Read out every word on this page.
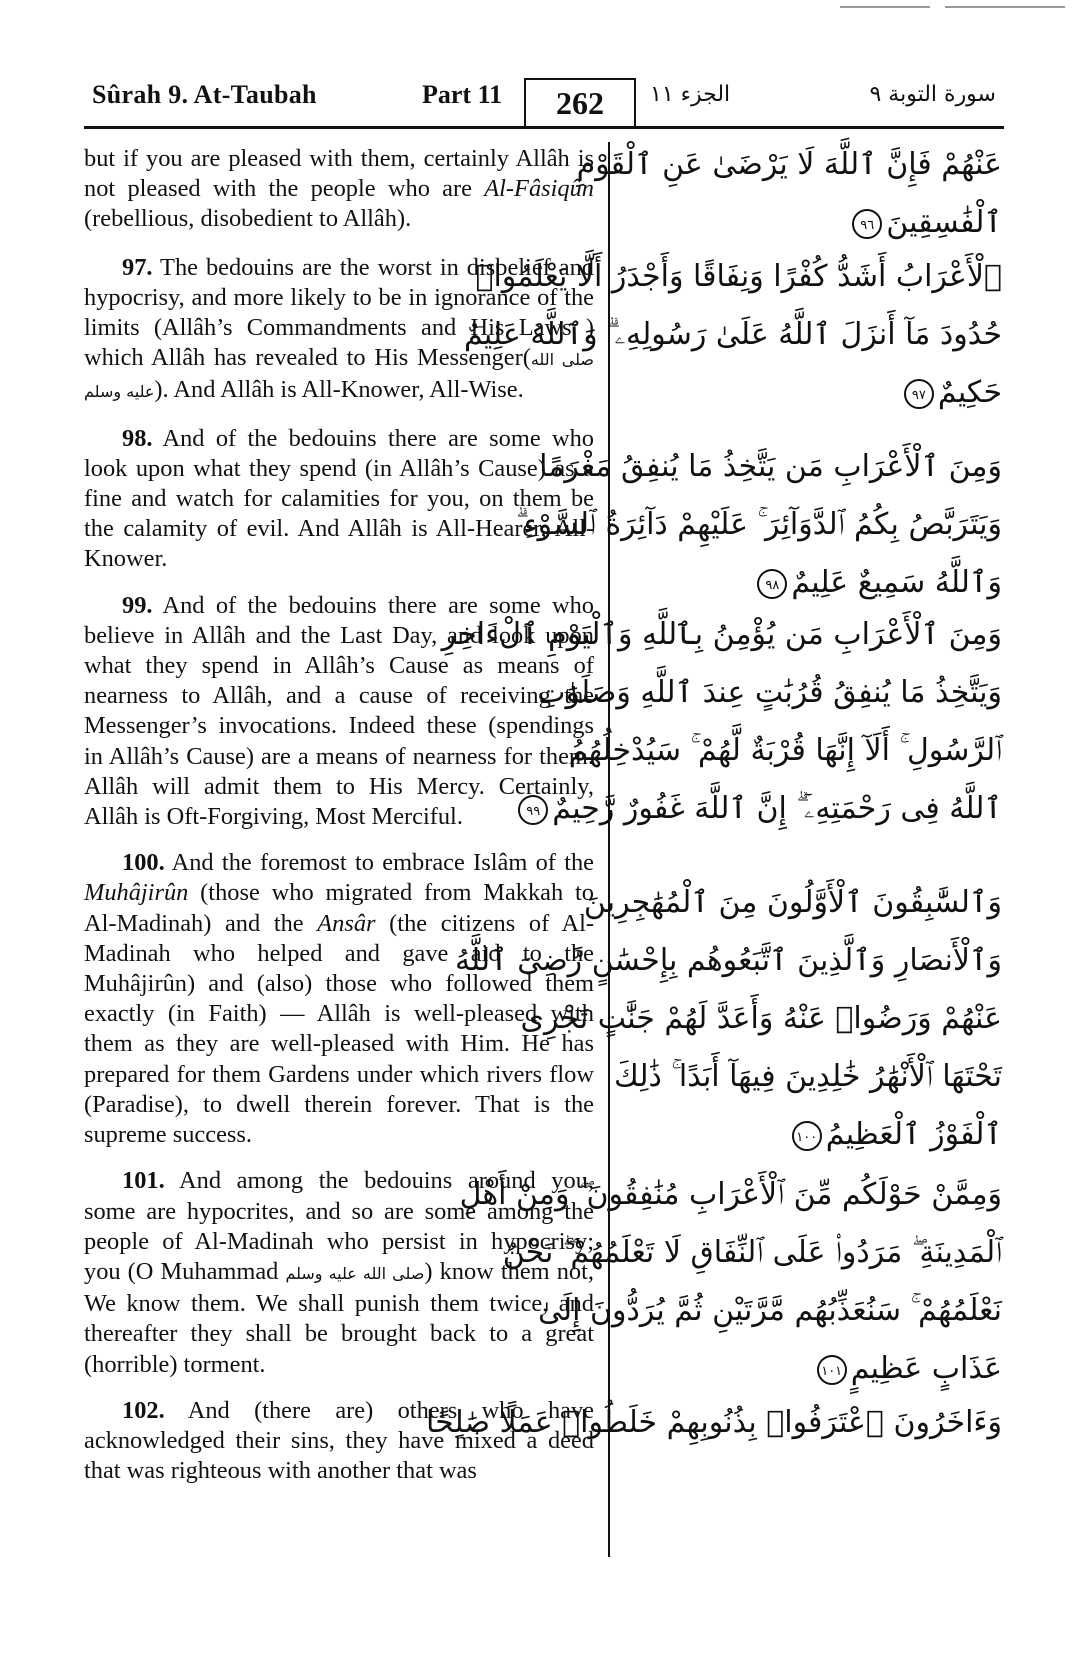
Sûrah 9. At-Taubah	Part 11	262	الجزء ١١	سورة التوبة ٩

but if you are pleased with them, certainly Allâh is not pleased with the people who are Al-Fâsiqûn (rebellious, disobedient to Allâh).

97. The bedouins are the worst in disbelief and hypocrisy, and more likely to be in ignorance of the limits (Allâh’s Commandments and His Laws ) which Allâh has revealed to His Messenger(صلى الله عليه وسلم). And Allâh is All-Knower, All-Wise.

98. And of the bedouins there are some who look upon what they spend (in Allâh’s Cause) as a fine and watch for calamities for you, on them be the calamity of evil. And Allâh is All-Hearer, All-Knower.

99. And of the bedouins there are some who believe in Allâh and the Last Day, and look upon what they spend in Allâh’s Cause as means of nearness to Allâh, and a cause of receiving the Messenger’s invocations. Indeed these (spendings in Allâh’s Cause) are a means of nearness for them. Allâh will admit them to His Mercy. Certainly, Allâh is Oft-Forgiving, Most Merciful.

100. And the foremost to embrace Islâm of the Muhâjirûn (those who migrated from Makkah to Al-Madinah) and the Ansâr (the citizens of Al-Madinah who helped and gave aid to the Muhâjirûn) and (also) those who followed them exactly (in Faith) — Allâh is well-pleased with them as they are well-pleased with Him. He has prepared for them Gardens under which rivers flow (Paradise), to dwell therein forever. That is the supreme success.

101. And among the bedouins around you, some are hypocrites, and so are some among the people of Al-Madinah who persist in hypocrisy; you (O Muhammad صلى الله عليه وسلم) know them not, We know them. We shall punish them twice, and thereafter they shall be brought back to a great (horrible) torment.

102. And (there are) others who have acknowledged their sins, they have mixed a deed that was righteous with another that was

عَنْهُمْ فَإِنَّ ٱللَّهَ لَا يَرْضَىٰ عَنِ ٱلْقَوْمِ
ٱلْفَٰسِقِينَ٩٦
ٱلْأَعْرَابُ أَشَدُّ كُفْرًا وَنِفَاقًا وَأَجْدَرُ أَلَّا يَعْلَمُوا۟
حُدُودَ مَآ أَنزَلَ ٱللَّهُ عَلَىٰ رَسُولِهِۦ ۗ وَٱللَّهُ عَلِيمٌ
حَكِيمٌ٩٧
وَمِنَ ٱلْأَعْرَابِ مَن يَتَّخِذُ مَا يُنفِقُ مَغْرَمًا
وَيَتَرَبَّصُ بِكُمُ ٱلدَّوَآئِرَ ۚ عَلَيْهِمْ دَآئِرَةُ ٱلسَّوْءِ ۗ
وَٱللَّهُ سَمِيعٌ عَلِيمٌ٩٨
وَمِنَ ٱلْأَعْرَابِ مَن يُؤْمِنُ بِٱللَّهِ وَٱلْيَوْمِ ٱلْءَاخِرِ
وَيَتَّخِذُ مَا يُنفِقُ قُرُبَٰتٍ عِندَ ٱللَّهِ وَصَلَوَٰتِ
ٱلرَّسُولِ ۚ أَلَآ إِنَّهَا قُرْبَةٌ لَّهُمْ ۚ سَيُدْخِلُهُمُ
ٱللَّهُ فِى رَحْمَتِهِۦٓ ۗ إِنَّ ٱللَّهَ غَفُورٌ رَّحِيمٌ٩٩
وَٱلسَّٰبِقُونَ ٱلْأَوَّلُونَ مِنَ ٱلْمُهَٰجِرِينَ
وَٱلْأَنصَارِ وَٱلَّذِينَ ٱتَّبَعُوهُم بِإِحْسَٰنٍ رَّضِىَ ٱللَّهُ
عَنْهُمْ وَرَضُوا۟ عَنْهُ وَأَعَدَّ لَهُمْ جَنَّٰتٍ تَجْرِى
تَحْتَهَا ٱلْأَنْهَٰرُ خَٰلِدِينَ فِيهَآ أَبَدًا ۚ ذَٰلِكَ
ٱلْفَوْزُ ٱلْعَظِيمُ١٠٠
وَمِمَّنْ حَوْلَكُم مِّنَ ٱلْأَعْرَابِ مُنَٰفِقُونَ ۖ وَمِنْ أَهْلِ
ٱلْمَدِينَةِ ۖ مَرَدُوا۟ عَلَى ٱلنِّفَاقِ لَا تَعْلَمُهُمْ ۖ نَحْنُ
نَعْلَمُهُمْ ۚ سَنُعَذِّبُهُم مَّرَّتَيْنِ ثُمَّ يُرَدُّونَ إِلَىٰ
عَذَابٍ عَظِيمٍ١٠١
وَءَاخَرُونَ ٱعْتَرَفُوا۟ بِذُنُوبِهِمْ خَلَطُوا۟ عَمَلًا صَٰلِحًا
